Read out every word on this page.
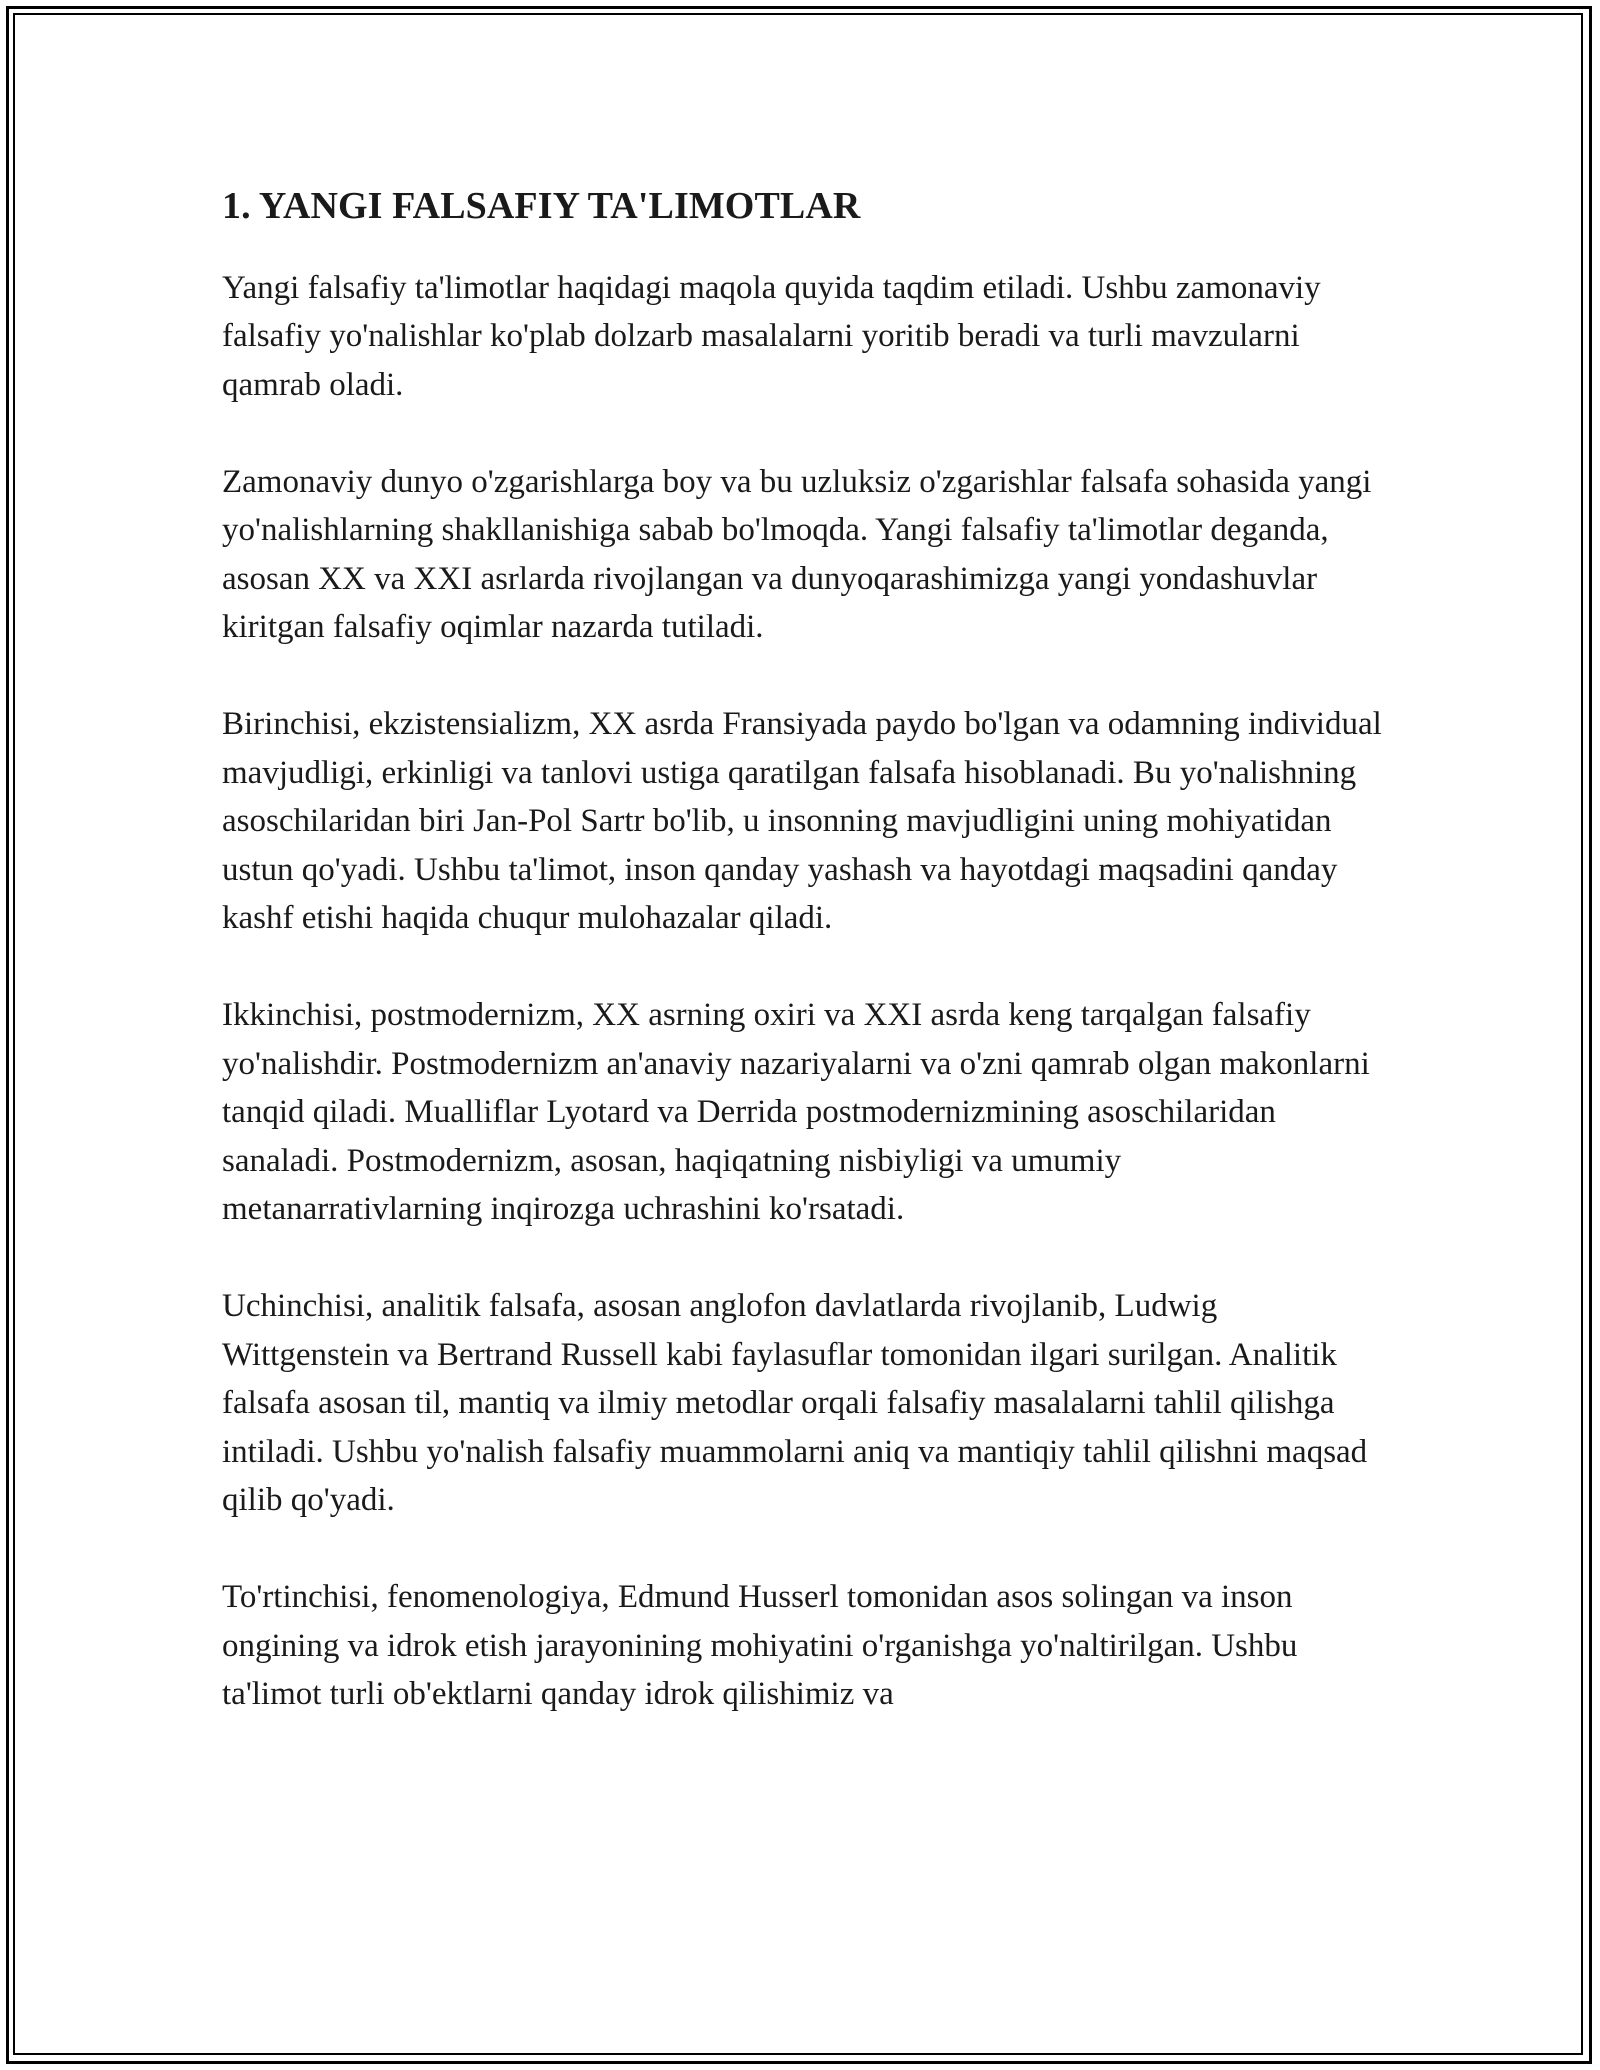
1. YANGI FALSAFIY TA'LIMOTLAR

Yangi falsafiy ta'limotlar haqidagi maqola quyida taqdim etiladi. Ushbu zamonaviy falsafiy yo'nalishlar ko'plab dolzarb masalalarni yoritib beradi va turli mavzularni qamrab oladi.

Zamonaviy dunyo o'zgarishlarga boy va bu uzluksiz o'zgarishlar falsafa sohasida yangi yo'nalishlarning shakllanishiga sabab bo'lmoqda. Yangi falsafiy ta'limotlar deganda, asosan XX va XXI asrlarda rivojlangan va dunyoqarashimizga yangi yondashuvlar kiritgan falsafiy oqimlar nazarda tutiladi.

Birinchisi, ekzistensializm, XX asrda Fransiyada paydo bo'lgan va odamning individual mavjudligi, erkinligi va tanlovi ustiga qaratilgan falsafa hisoblanadi. Bu yo'nalishning asoschilaridan biri Jan-Pol Sartr bo'lib, u insonning mavjudligini uning mohiyatidan ustun qo'yadi. Ushbu ta'limot, inson qanday yashash va hayotdagi maqsadini qanday kashf etishi haqida chuqur mulohazalar qiladi.

Ikkinchisi, postmodernizm, XX asrning oxiri va XXI asrda keng tarqalgan falsafiy yo'nalishdir. Postmodernizm an'anaviy nazariyalarni va o'zni qamrab olgan makonlarni tanqid qiladi. Mualliflar Lyotard va Derrida postmodernizmining asoschilaridan sanaladi. Postmodernizm, asosan, haqiqatning nisbiyligi va umumiy metanarrativlarning inqirozga uchrashini ko'rsatadi.

Uchinchisi, analitik falsafa, asosan anglofon davlatlarda rivojlanib, Ludwig Wittgenstein va Bertrand Russell kabi faylasuflar tomonidan ilgari surilgan. Analitik falsafa asosan til, mantiq va ilmiy metodlar orqali falsafiy masalalarni tahlil qilishga intiladi. Ushbu yo'nalish falsafiy muammolarni aniq va mantiqiy tahlil qilishni maqsad qilib qo'yadi.

To'rtinchisi, fenomenologiya, Edmund Husserl tomonidan asos solingan va inson ongining va idrok etish jarayonining mohiyatini o'rganishga yo'naltirilgan. Ushbu ta'limot turli ob'ektlarni qanday idrok qilishimiz va
